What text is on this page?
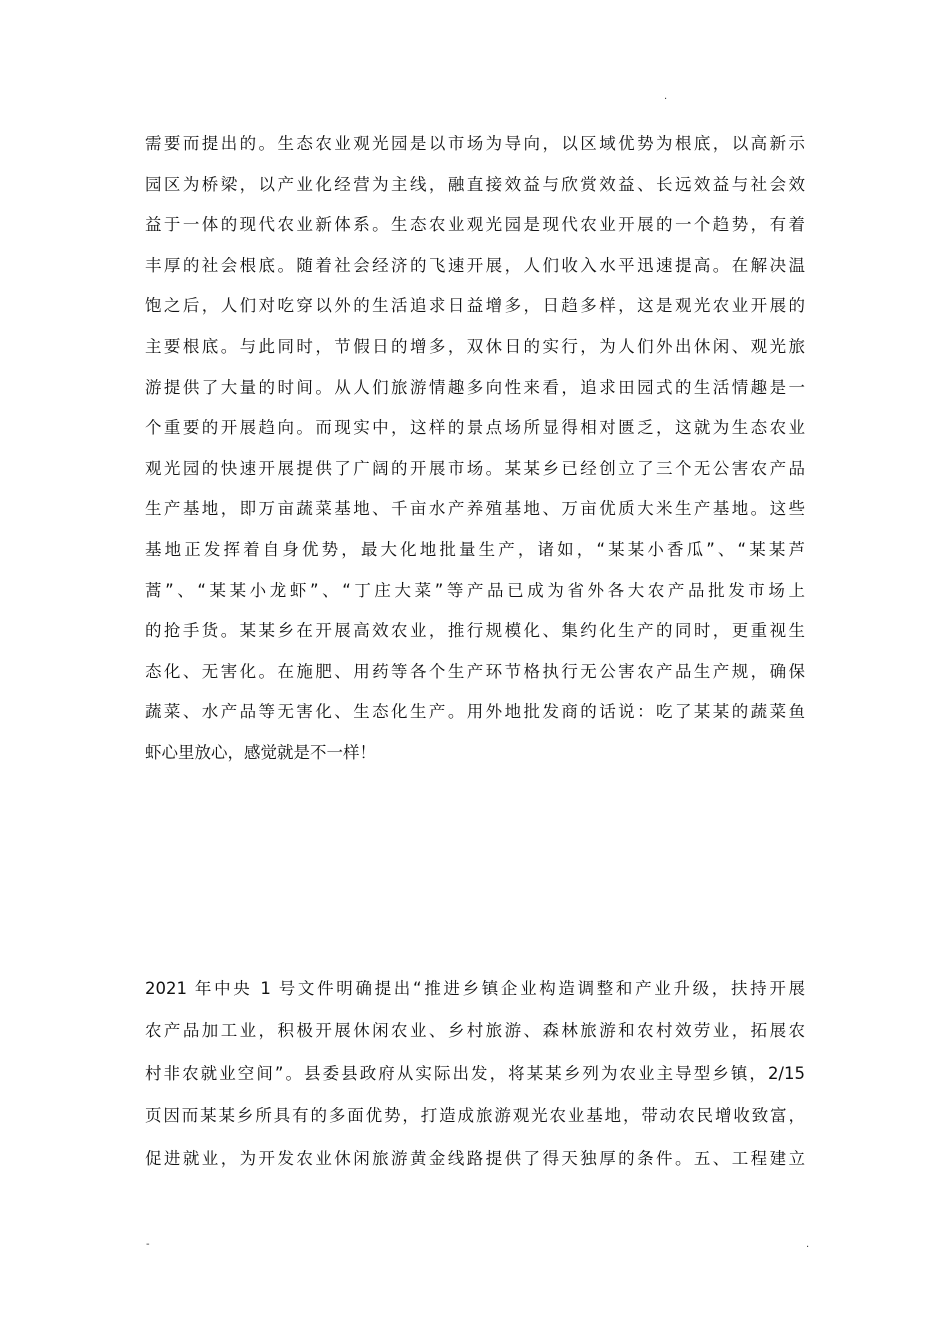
.
需要而提出的。生态农业观光园是以市场为导向，以区域优势为根底，以高新示
园区为桥梁，以产业化经营为主线，融直接效益与欣赏效益、长远效益与社会效
益于一体的现代农业新体系。生态农业观光园是现代农业开展的一个趋势，有着
丰厚的社会根底。随着社会经济的飞速开展，人们收入水平迅速提高。在解决温
饱之后，人们对吃穿以外的生活追求日益增多，日趋多样，这是观光农业开展的
主要根底。与此同时，节假日的增多，双休日的实行，为人们外出休闲、观光旅
游提供了大量的时间。从人们旅游情趣多向性来看，追求田园式的生活情趣是一
个重要的开展趋向。而现实中，这样的景点场所显得相对匮乏，这就为生态农业
观光园的快速开展提供了广阔的开展市场。某某乡已经创立了三个无公害农产品
生产基地，即万亩蔬菜基地、千亩水产养殖基地、万亩优质大米生产基地。这些
基地正发挥着自身优势，最大化地批量生产，诸如，“某某小香瓜”、“某某芦
蒿”、“某某小龙虾”、“丁庄大菜”等产品已成为省外各大农产品批发市场上
的抢手货。某某乡在开展高效农业，推行规模化、集约化生产的同时，更重视生
态化、无害化。在施肥、用药等各个生产环节格执行无公害农产品生产规，确保
蔬菜、水产品等无害化、生态化生产。用外地批发商的话说：吃了某某的蔬菜鱼
虾心里放心，感觉就是不一样！
2021 年中央 1 号文件明确提出“推进乡镇企业构造调整和产业升级，扶持开展
农产品加工业，积极开展休闲农业、乡村旅游、森林旅游和农村效劳业，拓展农
村非农就业空间”。县委县政府从实际出发，将某某乡列为农业主导型乡镇，2/15
页因而某某乡所具有的多面优势，打造成旅游观光农业基地，带动农民增收致富，
促进就业，为开发农业休闲旅游黄金线路提供了得天独厚的条件。五、工程建立
-	.
